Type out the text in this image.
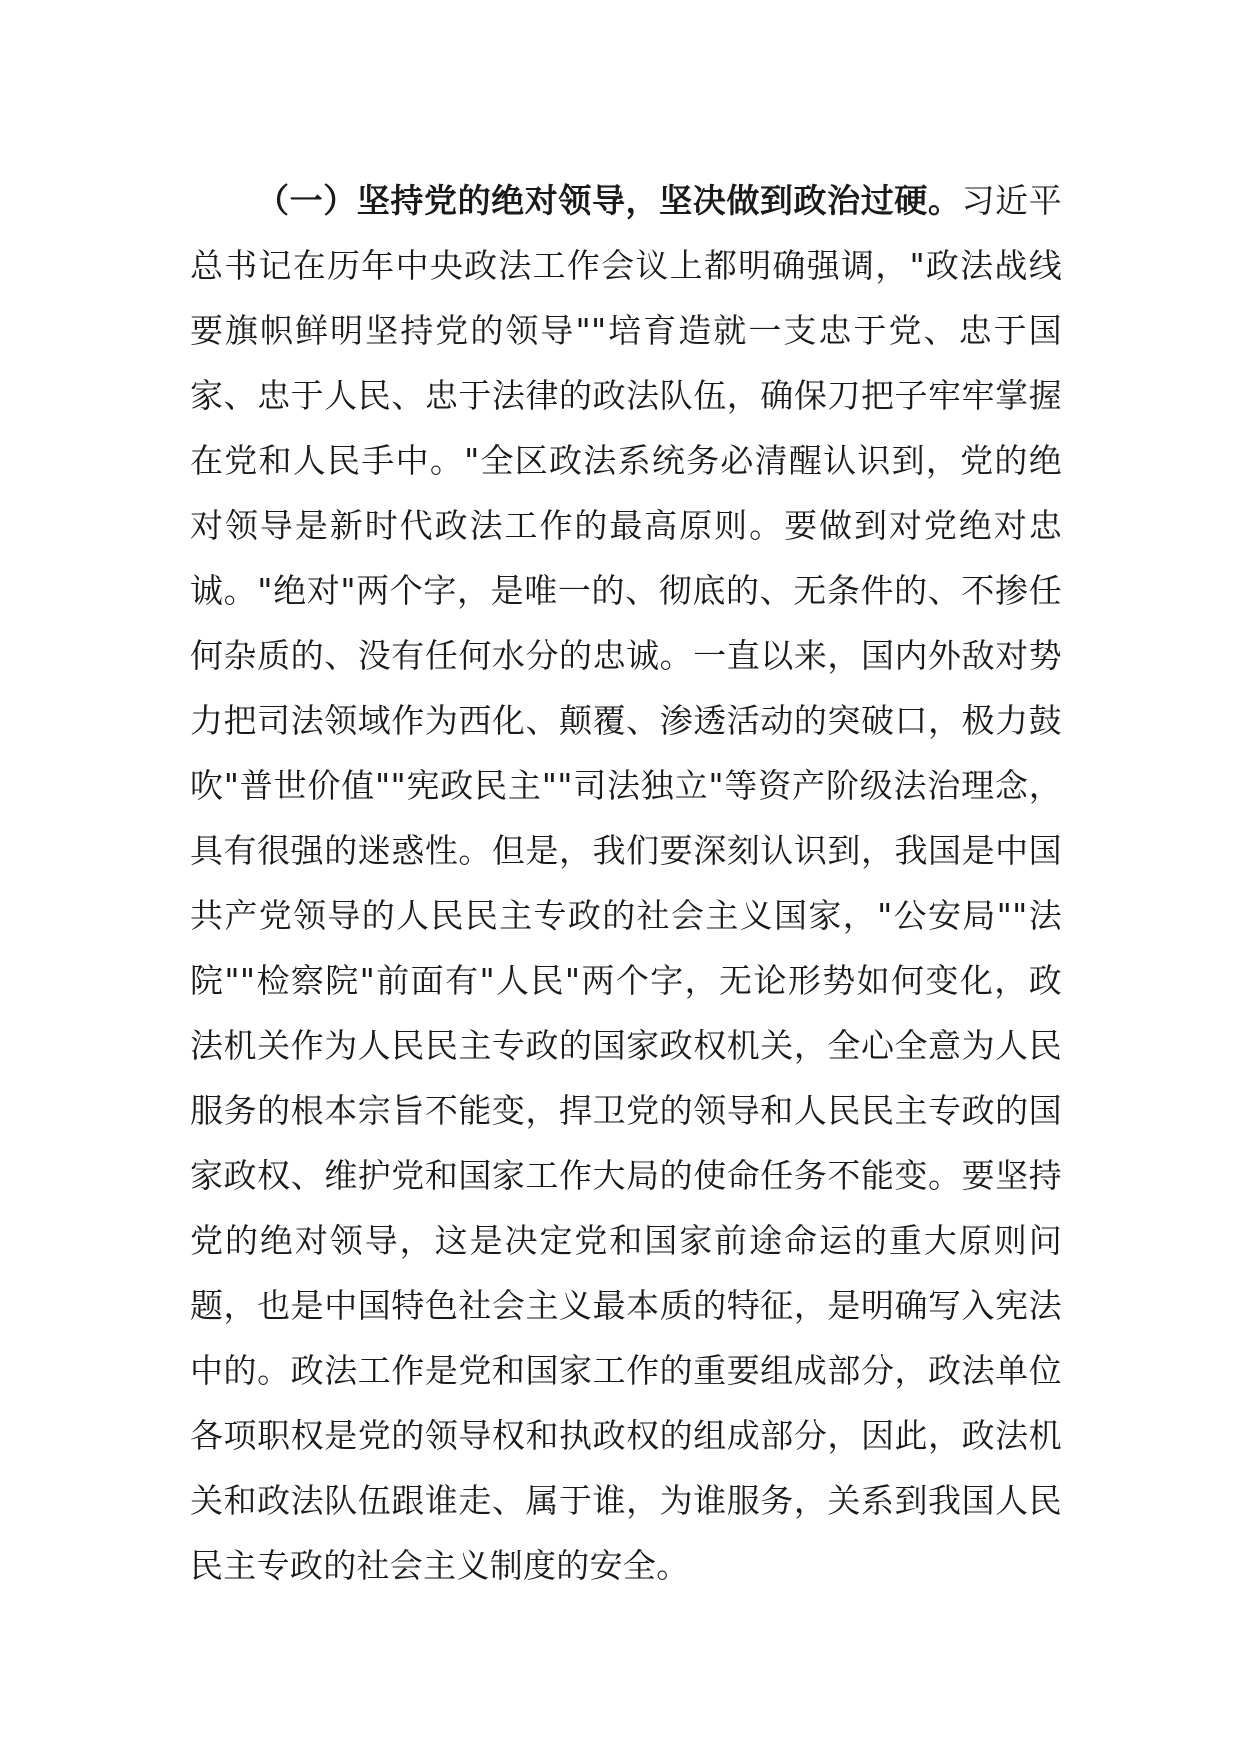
（一）坚持党的绝对领导，坚决做到政治过硬。习近平总书记在历年中央政法工作会议上都明确强调，"政法战线要旗帜鲜明坚持党的领导""培育造就一支忠于党、忠于国家、忠于人民、忠于法律的政法队伍，确保刀把子牢牢掌握在党和人民手中。"全区政法系统务必清醒认识到，党的绝对领导是新时代政法工作的最高原则。要做到对党绝对忠诚。"绝对"两个字，是唯一的、彻底的、无条件的、不掺任何杂质的、没有任何水分的忠诚。一直以来，国内外敌对势力把司法领域作为西化、颠覆、渗透活动的突破口，极力鼓吹"普世价值""宪政民主""司法独立"等资产阶级法治理念，具有很强的迷惑性。但是，我们要深刻认识到，我国是中国共产党领导的人民民主专政的社会主义国家，"公安局""法院""检察院"前面有"人民"两个字，无论形势如何变化，政法机关作为人民民主专政的国家政权机关，全心全意为人民服务的根本宗旨不能变，捍卫党的领导和人民民主专政的国家政权、维护党和国家工作大局的使命任务不能变。要坚持党的绝对领导，这是决定党和国家前途命运的重大原则问题，也是中国特色社会主义最本质的特征，是明确写入宪法中的。政法工作是党和国家工作的重要组成部分，政法单位各项职权是党的领导权和执政权的组成部分，因此，政法机关和政法队伍跟谁走、属于谁，为谁服务，关系到我国人民民主专政的社会主义制度的安全。
